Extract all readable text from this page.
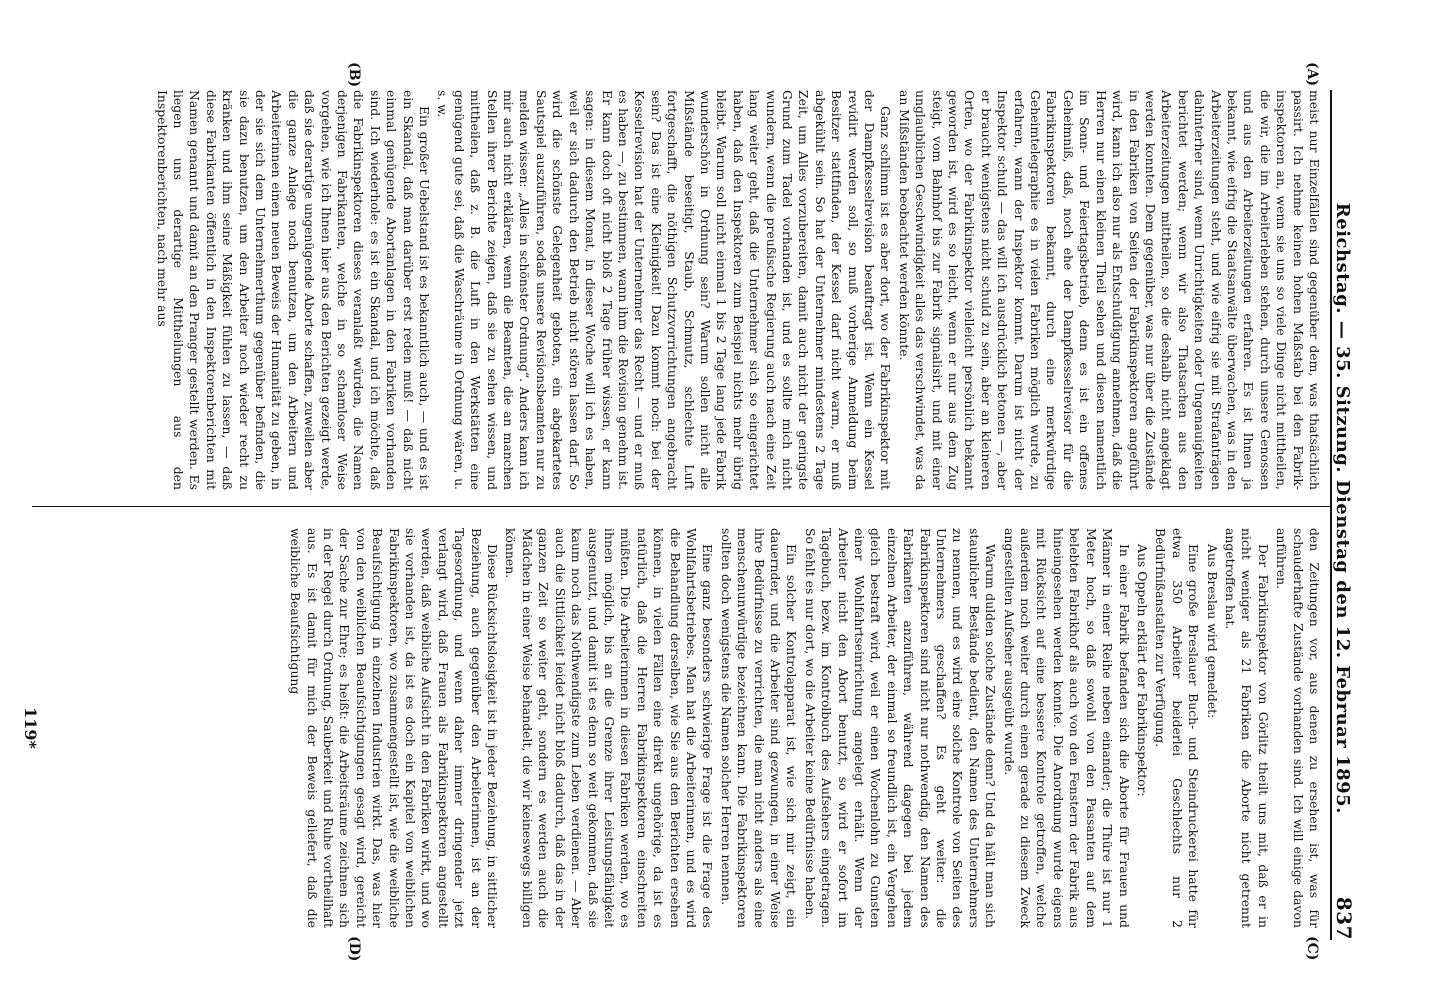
Reichstag. — 35. Sitzung. Dienstag den 12. Februar 1895.
837
(A)
(B)
(C)
(D)

meist nur Einzelfällen sind gegenüber dem, was thatsächlich passirt. Ich nehme keinen hohen Maßstab bei den Fabrik-inspektoren an, wenn sie uns so viele Dinge nicht mittheilen, die wir, die im Arbeiterleben stehen, durch unsere Genossen und aus den Arbeiterzeitungen erfahren. Es ist Ihnen ja bekannt, wie eifrig die Staatsanwälte überwachen, was in den Arbeiterzeitungen steht, und wie eifrig sie mit Strafanträgen dahinterher sind, wenn Unrichtigkeiten oder Ungenauigkeiten berichtet werden; wenn wir also Thatsachen aus den Arbeiterzeitungen mittheilen, so die deshalb nicht angeklagt werden konnten. Dem gegenüber, was nur über die Zustände in den Fabriken von Seiten der Fabrikinspektoren angeführt wird, kann ich also nur als Entschuldigung annehmen, daß die Herren nur einen kleinen Theil sehen und diesen namentlich im Sonn- und Feiertagsbetrieb, denn es ist ein offenes Geheimniß, daß, noch ehe der Dampfkesselrevisor für die Fabrikinspektoren bekannt, durch eine merkwürdige Geheimtelegraphie es in vielen Fabriken möglich wurde, zu erfahren, wann der Inspektor kommt. Darum ist nicht der Inspektor schuld — das will ich ausdrücklich betonen —, aber er braucht wenigstens nicht schuld zu sein, aber an kleineren Orten, wo der Fabrikinspektor vielleicht persönlich bekannt geworden ist, wird es so leicht, wenn er nur aus dem Zug steigt, vom Bahnhof bis zur Fabrik signalisirt, und mit einer unglaublichen Geschwindigkeit alles das verschwindet, was da an Mißständen beobachtet werden könnte.

Ganz schlimm ist es aber dort, wo der Fabrikinspektor mit der Dampfkesselrevision beauftragt ist. Wenn ein Kessel revidirt werden soll, so muß vorherige Anmeldung beim Besitzer stattfinden, der Kessel darf nicht warm, er muß abgekühlt sein. So hat der Unternehmer mindestens 2 Tage Zeit, um Alles vorzubereiten, damit auch nicht der geringste Grund zum Tadel vorhanden ist, und es sollte mich nicht wundern, wenn die preußische Regierung auch nach eine Zeit lang weiter geht, daß die Unternehmer sich so eingerichtet haben, daß den Inspektoren zum Beispiel nichts mehr übrig bleibt. Warum soll nicht einmal 1 bis 2 Tage lang jede Fabrik wunderschön in Ordnung sein? Warum sollen nicht alle Mißstände beseitigt, Staub, Schmutz, schlechte Luft fortgeschafft, die nöthigen Schutzvorrichtungen angebracht sein? Das ist eine Kleinigkeit! Dazu kommt noch: bei der Kesselrevision hat der Unternehmer das Recht — und er muß es haben —, zu bestimmen, wann ihm die Revision genehm ist. Er kann doch oft nicht bloß 2 Tage früher wissen, er kann sagen: in diesem Monat, in dieser Woche will ich es haben, weil er sich dadurch den Betrieb nicht stören lassen darf. So wird die schönste Gelegenheit geboten, ein abgekartetes Sautspiel auszuführen, sodaß unsere Revisionsbeamten nur zu melden wissen: „Alles in schönster Ordnung“. Anders kann ich mir auch nicht erklären, wenn die Beamten, die an manchen Stellen ihrer Berichte zeigen, daß sie zu sehen wissen, und mittheilen, daß z. B. die Luft in den Werkstätten eine genügend gute sei, daß die Waschräume in Ordnung wären, u. s. w.

Ein großer Uebelstand ist es bekanntlich auch, — und es ist ein Skandal, daß man darüber erst reden muß! — daß nicht einmal genügende Abortanlagen in den Fabriken vorhanden sind. Ich wiederhole: es ist ein Skandal, und ich möchte, daß die Fabrikinspektoren dieses veranlaßt würden, die Namen derjenigen Fabrikanten, welche in so schamloser Weise vorgehen, wie ich Ihnen hier aus den Berichten gezeigt werde, daß sie derartige ungenügende Aborte schaffen, zuweilen aber die ganze Anlage noch benutzen, um den Arbeitern und Arbeiterinnen einen neuen Beweis der Humanität zu geben, in der sie sich dem Unternehmerthum gegenüber befinden, die sie dazu benutzen, um den Arbeiter noch wieder recht zu kränken und ihm seine Mäßigkeit fühlen zu lassen, — daß diese Fabrikanten öffentlich in den Inspektorenberichten mit Namen genannt und damit an den Pranger gestellt werden. Es liegen uns derartige Mittheilungen aus den Inspektorenberichten, nach mehr aus

den Zeitungen vor, aus denen zu ersehen ist, was für schauderhafte Zustände vorhanden sind. Ich will einige davon anführen.

Der Fabrikinspektor von Görlitz theilt uns mit, daß er in nicht weniger als 21 Fabriken die Aborte nicht getrennt angetroffen hat.

Aus Breslau wird gemeldet:

Eine große Breslauer Buch- und Steindruckerei hatte für etwa 350 Arbeiter beiderlei Geschlechts nur 2 Bedürfnißanstalten zur Verfügung.

Aus Oppeln erklärt der Fabrikinspektor:

In einer Fabrik befanden sich die Aborte für Frauen und Männer in einer Reihe neben einander; die Thüre ist nur 1 Meter hoch, so daß sowohl von den Passanten auf dem belebten Fabrikhof als auch von den Fenstern der Fabrik aus hineingesehen werden konnte. Die Anordnung wurde eigens mit Rücksicht auf eine bessere Kontrole getroffen, welche außerdem noch weiter durch einen gerade zu diesem Zweck angestellten Aufseher ausgeübt wurde.

Warum dulden solche Zustände denn? Und da hält man sich staunlicher Bestände bedient, den Namen des Unternehmers zu nennen, und es wird eine solche Kontrole von Seiten des Unternehmers geschaffen? Es geht weiter: die Fabrikinspektoren sind nicht nur nothwendig, den Namen des Fabrikanten anzuführen, während dagegen bei jedem einzelnen Arbeiter, der einmal so freundlich ist, ein Vergehen gleich bestraft wird, weil er einen Wochenlohn zu Gunsten einer Wohlfahrtseinrichtung angelegt erhält. Wenn der Arbeiter nicht den Abort benutzt, so wird er sofort im Tagebuch, bezw. im Kontrolbuch des Aufsehers eingetragen. So fehlt es nur dort, wo die Arbeiter keine Bedürfnisse haben.

Ein solcher Kontrolapparat ist, wie sich mir zeigt, ein dauernder, und die Arbeiter sind gezwungen, in einer Weise ihre Bedürfnisse zu verrichten, die man nicht anders als eine menschenunwürdige bezeichnen kann. Die Fabrikinspektoren sollten doch wenigstens die Namen solcher Herren nennen.

Eine ganz besonders schwierige Frage ist die Frage des Wohlfahrtsbetriebes. Man hat die Arbeiterinnen, und es wird die Behandlung derselben, wie Sie aus den Berichten ersehen können, in vielen Fällen eine direkt ungehörige, da ist es natürlich, daß die Herren Fabrikinspektoren einschreiten müßten. Die Arbeiterinnen in diesen Fabriken werden, wo es ihnen möglich, bis an die Grenze ihrer Leistungsfähigkeit ausgenutzt, und damit ist es denn so weit gekommen, daß sie kaum noch das Nothwendigste zum Leben verdienen. — Aber auch die Sittlichkeit leidet nicht bloß dadurch, daß das in der ganzen Zeit so weiter geht, sondern es werden auch die Mädchen in einer Weise behandelt, die wir keineswegs billigen können.

Diese Rücksichtslosigkeit ist in jeder Beziehung, in sittlicher Beziehung, auch gegenüber den Arbeiterinnen, ist an der Tagesordnung, und wenn daher immer dringender jetzt verlangt wird, daß Frauen als Fabrikinspektoren angestellt werden, daß weibliche Aufsicht in den Fabriken wirkt, und wo sie vorhanden ist, da ist es doch ein Kapitel von weiblichen Fabrikinspektoren, wo zusammengestellt ist, wie die weibliche Beaufsichtigung in einzelnen Industrien wirkt. Das, was hier von den weiblichen Beaufsichtigungen gesagt wird, gereicht der Sache zur Ehre; es heißt: die Arbeitsräume zeichnen sich in der Regel durch Ordnung, Sauberkeit und Ruhe vortheilhaft aus. Es ist damit für mich der Beweis geliefert, daß die weibliche Beaufsichtigung

119*
